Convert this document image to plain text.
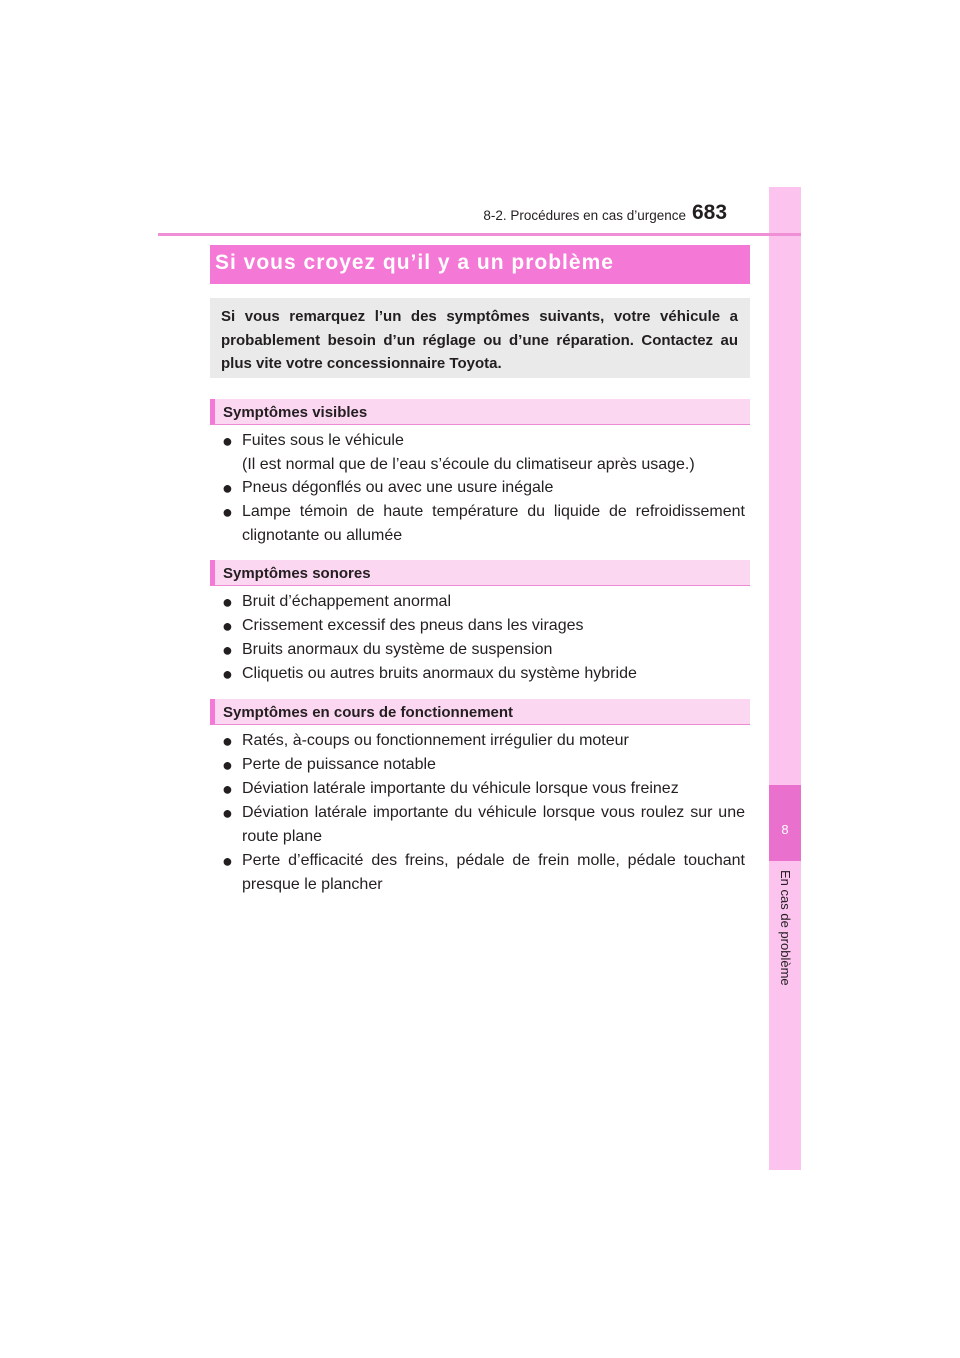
8
En cas de problème
8-2. Procédures en cas d’urgence 683
Si vous croyez qu’il y a un problème
Si vous remarquez l’un des symptômes suivants, votre véhicule a probablement besoin d’un réglage ou d’une réparation. Contactez au plus vite votre concessionnaire Toyota.
Symptômes visibles
● Fuites sous le véhicule
(Il est normal que de l’eau s’écoule du climatiseur après usage.)
● Pneus dégonflés ou avec une usure inégale
● Lampe témoin de haute température du liquide de refroidissement clignotante ou allumée
Symptômes sonores
● Bruit d’échappement anormal
● Crissement excessif des pneus dans les virages
● Bruits anormaux du système de suspension
● Cliquetis ou autres bruits anormaux du système hybride
Symptômes en cours de fonctionnement
● Ratés, à-coups ou fonctionnement irrégulier du moteur
● Perte de puissance notable
● Déviation latérale importante du véhicule lorsque vous freinez
● Déviation latérale importante du véhicule lorsque vous roulez sur une route plane
● Perte d’efficacité des freins, pédale de frein molle, pédale touchant presque le plancher
